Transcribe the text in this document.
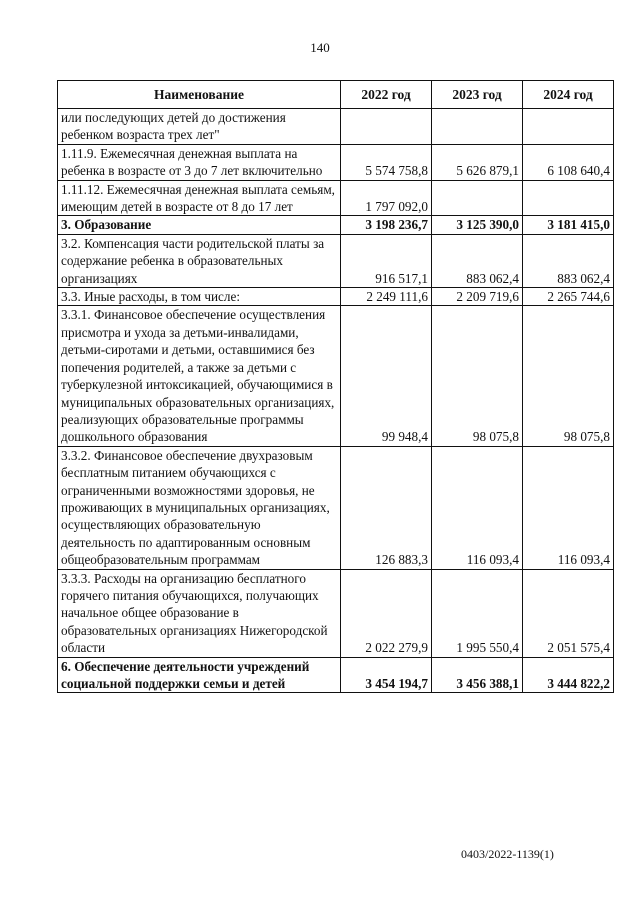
140
Наименование	2022 год	2023 год	2024 год
или последующих детей до достижения ребенком возраста трех лет"			
1.11.9. Ежемесячная денежная выплата на ребенка в возрасте от 3 до 7 лет включительно	5 574 758,8	5 626 879,1	6 108 640,4
1.11.12. Ежемесячная денежная выплата семьям, имеющим детей в возрасте от 8 до 17 лет	1 797 092,0		
3. Образование	3 198 236,7	3 125 390,0	3 181 415,0
3.2. Компенсация части родительской платы за содержание ребенка в образовательных организациях	916 517,1	883 062,4	883 062,4
3.3. Иные расходы, в том числе:	2 249 111,6	2 209 719,6	2 265 744,6
3.3.1. Финансовое обеспечение осуществления присмотра и ухода за детьми-инвалидами, детьми-сиротами и детьми, оставшимися без попечения родителей, а также за детьми с туберкулезной интоксикацией, обучающимися в муниципальных образовательных организациях, реализующих образовательные программы дошкольного образования	99 948,4	98 075,8	98 075,8
3.3.2. Финансовое обеспечение двухразовым бесплатным питанием обучающихся с ограниченными возможностями здоровья, не проживающих в муниципальных организациях, осуществляющих образовательную деятельность по адаптированным основным общеобразовательным программам	126 883,3	116 093,4	116 093,4
3.3.3. Расходы на организацию бесплатного горячего питания обучающихся, получающих начальное общее образование в образовательных организациях Нижегородской области	2 022 279,9	1 995 550,4	2 051 575,4
6. Обеспечение деятельности учреждений социальной поддержки семьи и детей	3 454 194,7	3 456 388,1	3 444 822,2
0403/2022-1139(1)
